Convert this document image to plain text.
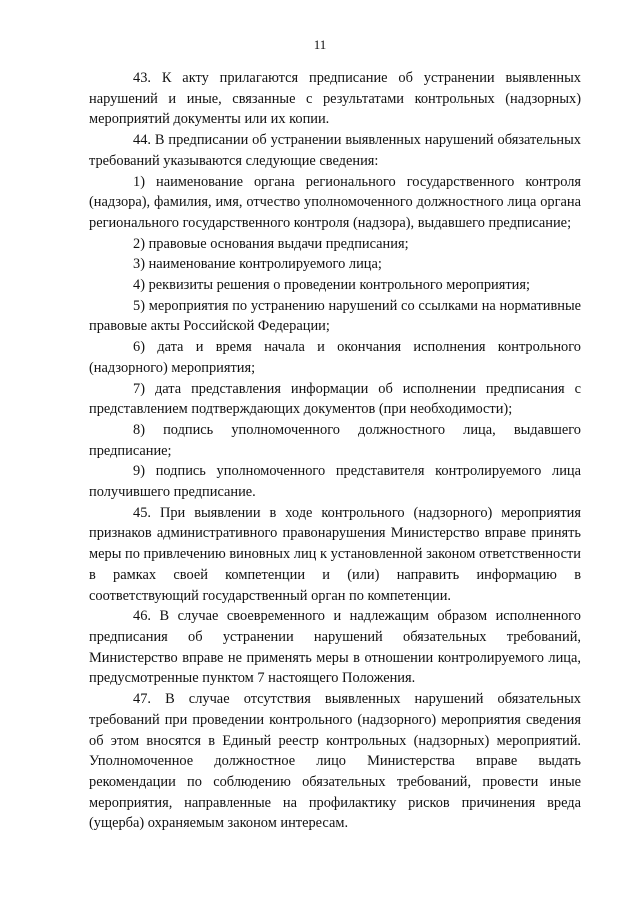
11

43. К акту прилагаются предписание об устранении выявленных нарушений и иные, связанные с результатами контрольных (надзорных) мероприятий документы или их копии.

44. В предписании об устранении выявленных нарушений обязательных требований указываются следующие сведения:

1) наименование органа регионального государственного контроля (надзора), фамилия, имя, отчество уполномоченного должностного лица органа регионального государственного контроля (надзора), выдавшего предписание;

2) правовые основания выдачи предписания;

3) наименование контролируемого лица;

4) реквизиты решения о проведении контрольного мероприятия;

5) мероприятия по устранению нарушений со ссылками на нормативные правовые акты Российской Федерации;

6) дата и время начала и окончания исполнения контрольного (надзорного) мероприятия;

7) дата представления информации об исполнении предписания с представлением подтверждающих документов (при необходимости);

8) подпись уполномоченного должностного лица, выдавшего предписание;

9) подпись уполномоченного представителя контролируемого лица получившего предписание.

45. При выявлении в ходе контрольного (надзорного) мероприятия признаков административного правонарушения Министерство вправе принять меры по привлечению виновных лиц к установленной законом ответственности в рамках своей компетенции и (или) направить информацию в соответствующий государственный орган по компетенции.

46. В случае своевременного и надлежащим образом исполненного предписания об устранении нарушений обязательных требований, Министерство вправе не применять меры в отношении контролируемого лица, предусмотренные пунктом 7 настоящего Положения.

47. В случае отсутствия выявленных нарушений обязательных требований при проведении контрольного (надзорного) мероприятия сведения об этом вносятся в Единый реестр контрольных (надзорных) мероприятий. Уполномоченное должностное лицо Министерства вправе выдать рекомендации по соблюдению обязательных требований, провести иные мероприятия, направленные на профилактику рисков причинения вреда (ущерба) охраняемым законом интересам.
